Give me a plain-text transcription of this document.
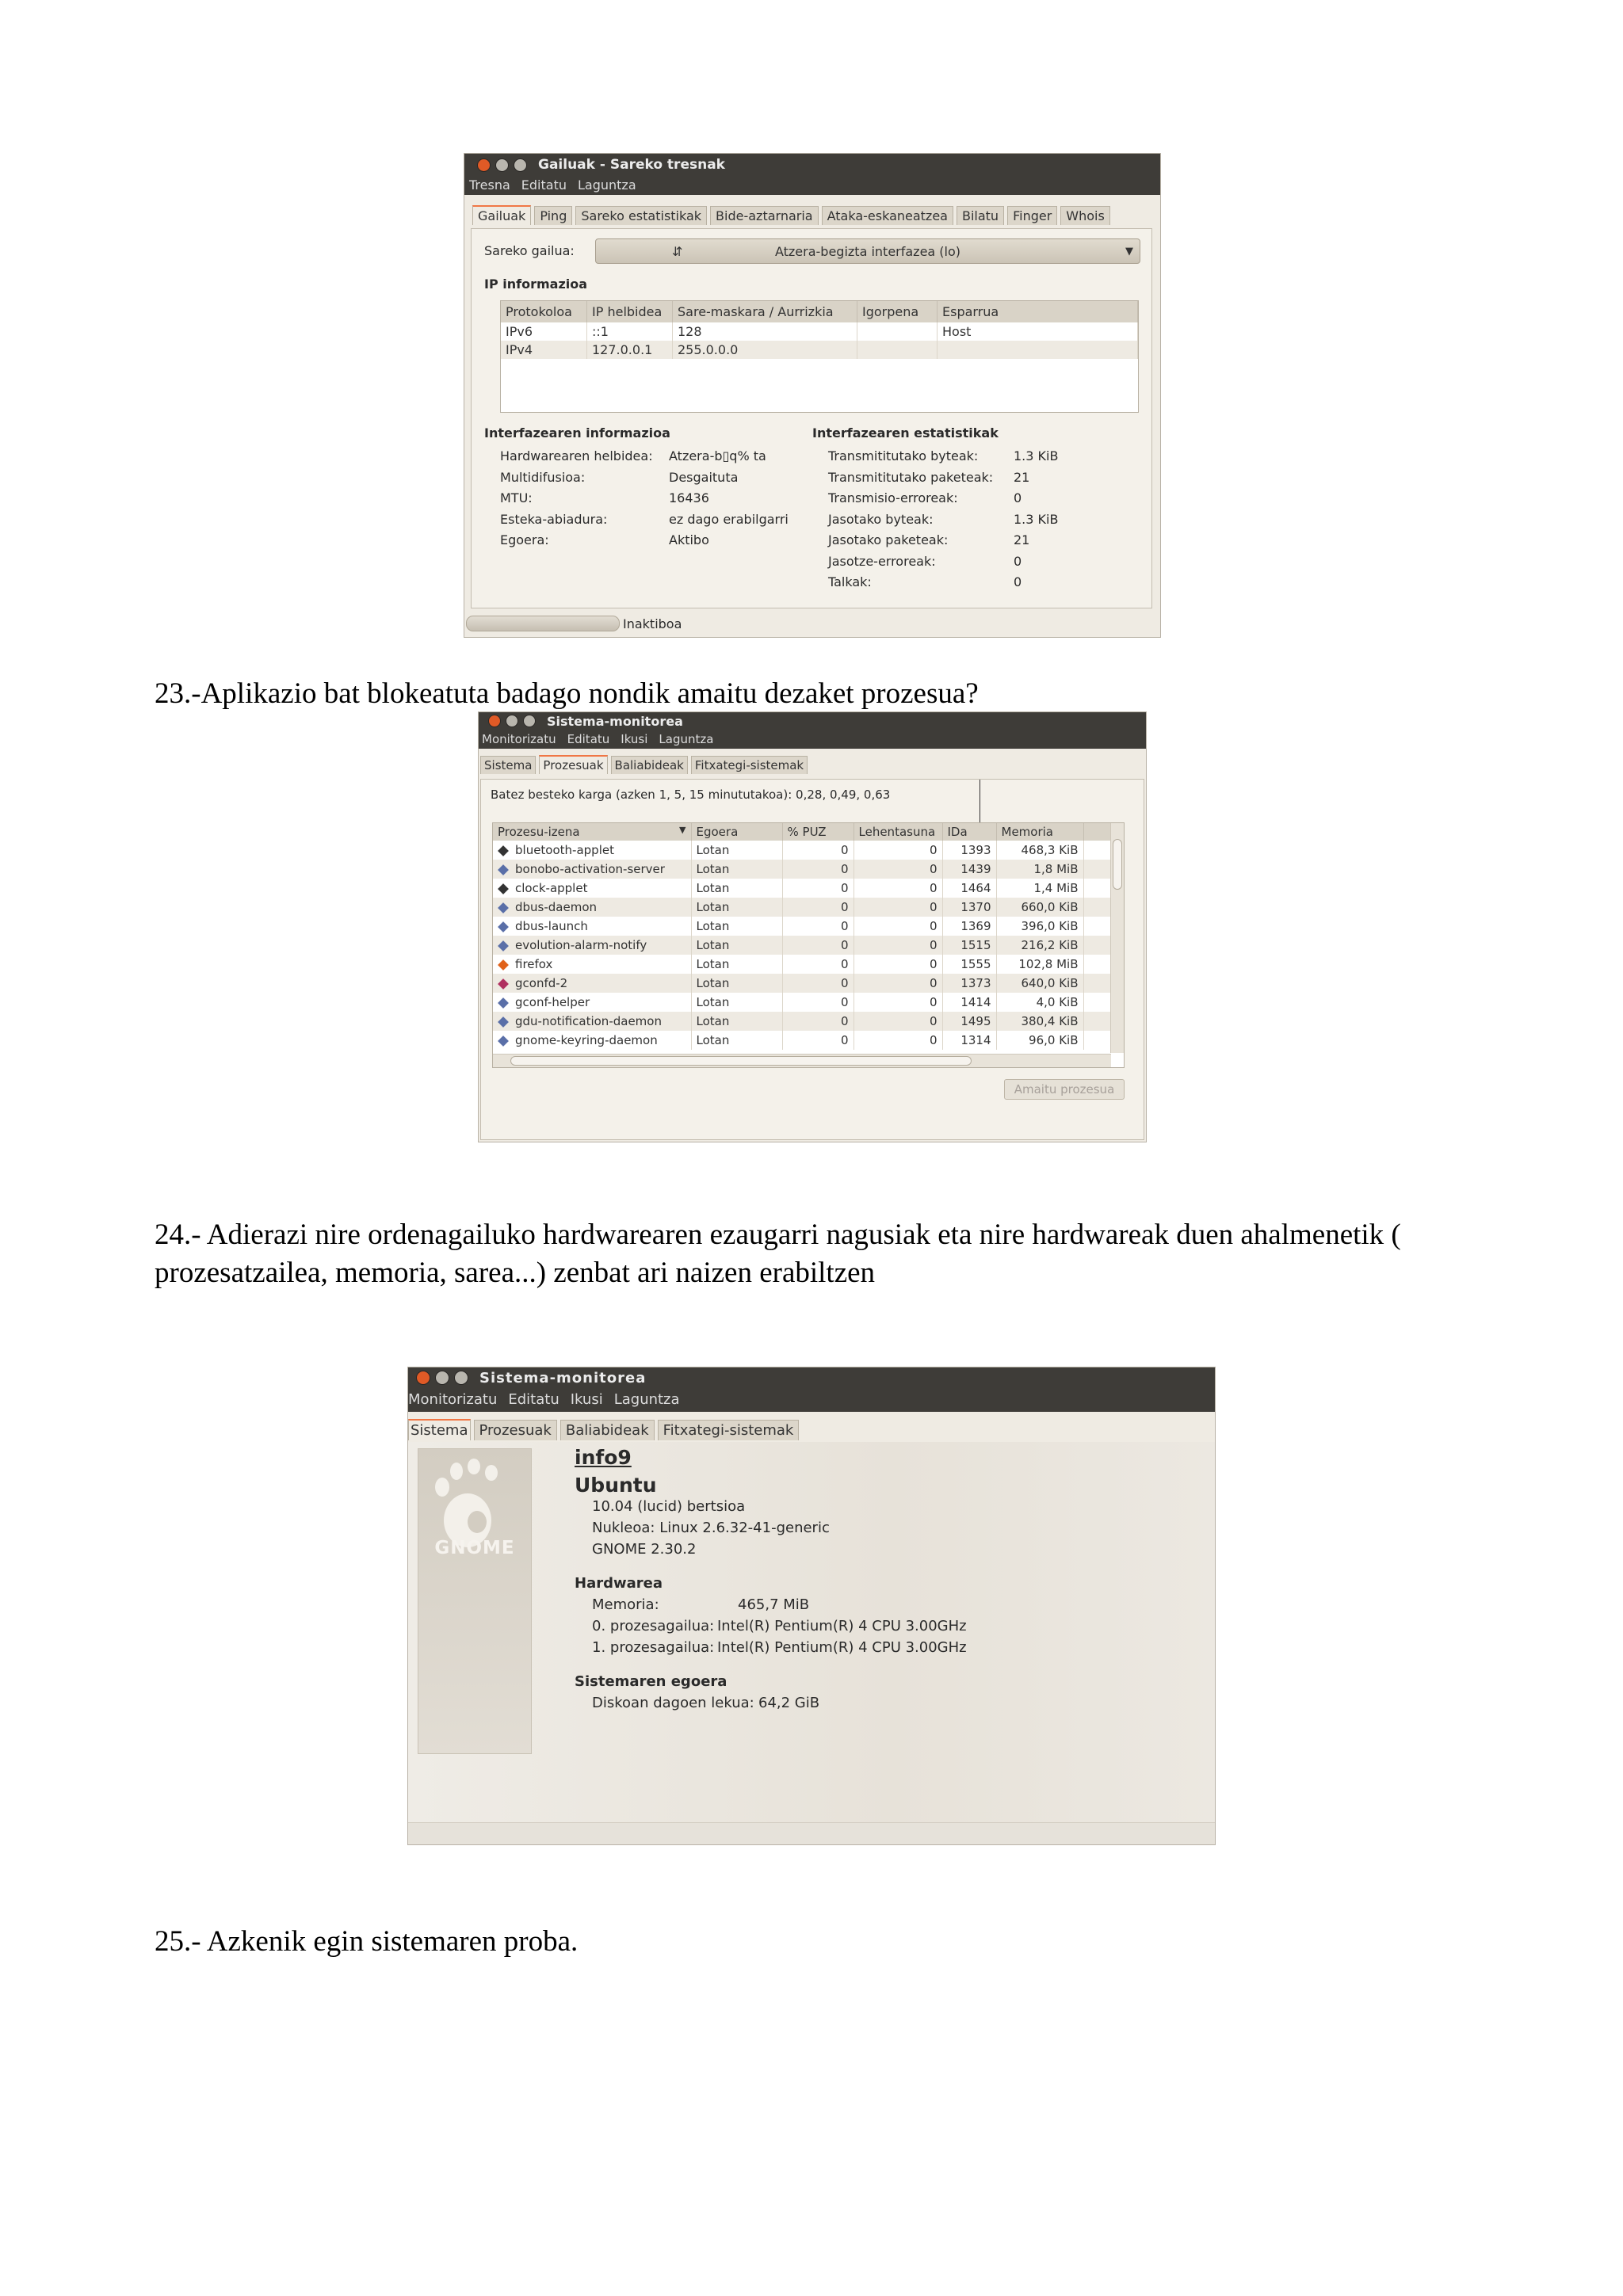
Gailuak - Sareko tresnak
Tresna Editatu Laguntza
Gailuak	Ping	Sareko estatistikak	Bide-aztarnaria	Ataka-eskaneatzea	Bilatu	Finger	Whois
Sareko gailua:	⇵	Atzera-begizta interfazea (lo)	▼
IP informazioa
Protokoloa	IP helbidea	Sare-maskara / Aurrizkia	Igorpena	Esparrua
IPv6	::1	128		Host
IPv4	127.0.0.1	255.0.0.0		
Interfazearen informazioa
Hardwarearen helbidea:	Atzera-b▯q% ta
Multidifusioa:	Desgaituta
MTU:	16436
Esteka-abiadura:	ez dago erabilgarri
Egoera:	Aktibo
Interfazearen estatistikak
Transmititutako byteak:	1.3 KiB
Transmititutako paketeak:	21
Transmisio-erroreak:	0
Jasotako byteak:	1.3 KiB
Jasotako paketeak:	21
Jasotze-erroreak:	0
Talkak:	0
Inaktiboa

23.-Aplikazio bat blokeatuta badago nondik amaitu dezaket prozesua?

Sistema-monitorea
Monitorizatu Editatu Ikusi Laguntza
Sistema Prozesuak Baliabideak Fitxategi-sistemak
Batez besteko karga (azken 1, 5, 15 minututakoa): 0,28, 0,49, 0,63
Prozesu-izena ▼	Egoera	% PUZ	Lehentasuna	IDa	Memoria	
bluetooth-applet	Lotan	0	0	1393	468,3 KiB	
bonobo-activation-server	Lotan	0	0	1439	1,8 MiB	
clock-applet	Lotan	0	0	1464	1,4 MiB	
dbus-daemon	Lotan	0	0	1370	660,0 KiB	
dbus-launch	Lotan	0	0	1369	396,0 KiB	
evolution-alarm-notify	Lotan	0	0	1515	216,2 KiB	
firefox	Lotan	0	0	1555	102,8 MiB	
gconfd-2	Lotan	0	0	1373	640,0 KiB	
gconf-helper	Lotan	0	0	1414	4,0 KiB	
gdu-notification-daemon	Lotan	0	0	1495	380,4 KiB	
gnome-keyring-daemon	Lotan	0	0	1314	96,0 KiB	
Amaitu prozesua

24.- Adierazi nire ordenagailuko hardwarearen ezaugarri nagusiak eta nire hardwareak duen ahalmenetik ( prozesatzailea, memoria, sarea...) zenbat ari naizen erabiltzen

Sistema-monitorea
Monitorizatu Editatu Ikusi Laguntza
Sistema Prozesuak	Baliabideak	Fitxategi-sistemak
GNOME
info9
Ubuntu
10.04 (lucid) bertsioa
Nukleoa: Linux 2.6.32-41-generic
GNOME 2.30.2
Hardwarea
Memoria:	465,7 MiB
0. prozesagailua: Intel(R) Pentium(R) 4 CPU 3.00GHz
1. prozesagailua: Intel(R) Pentium(R) 4 CPU 3.00GHz
Sistemaren egoera
Diskoan dagoen lekua: 64,2 GiB

25.- Azkenik egin sistemaren proba.
